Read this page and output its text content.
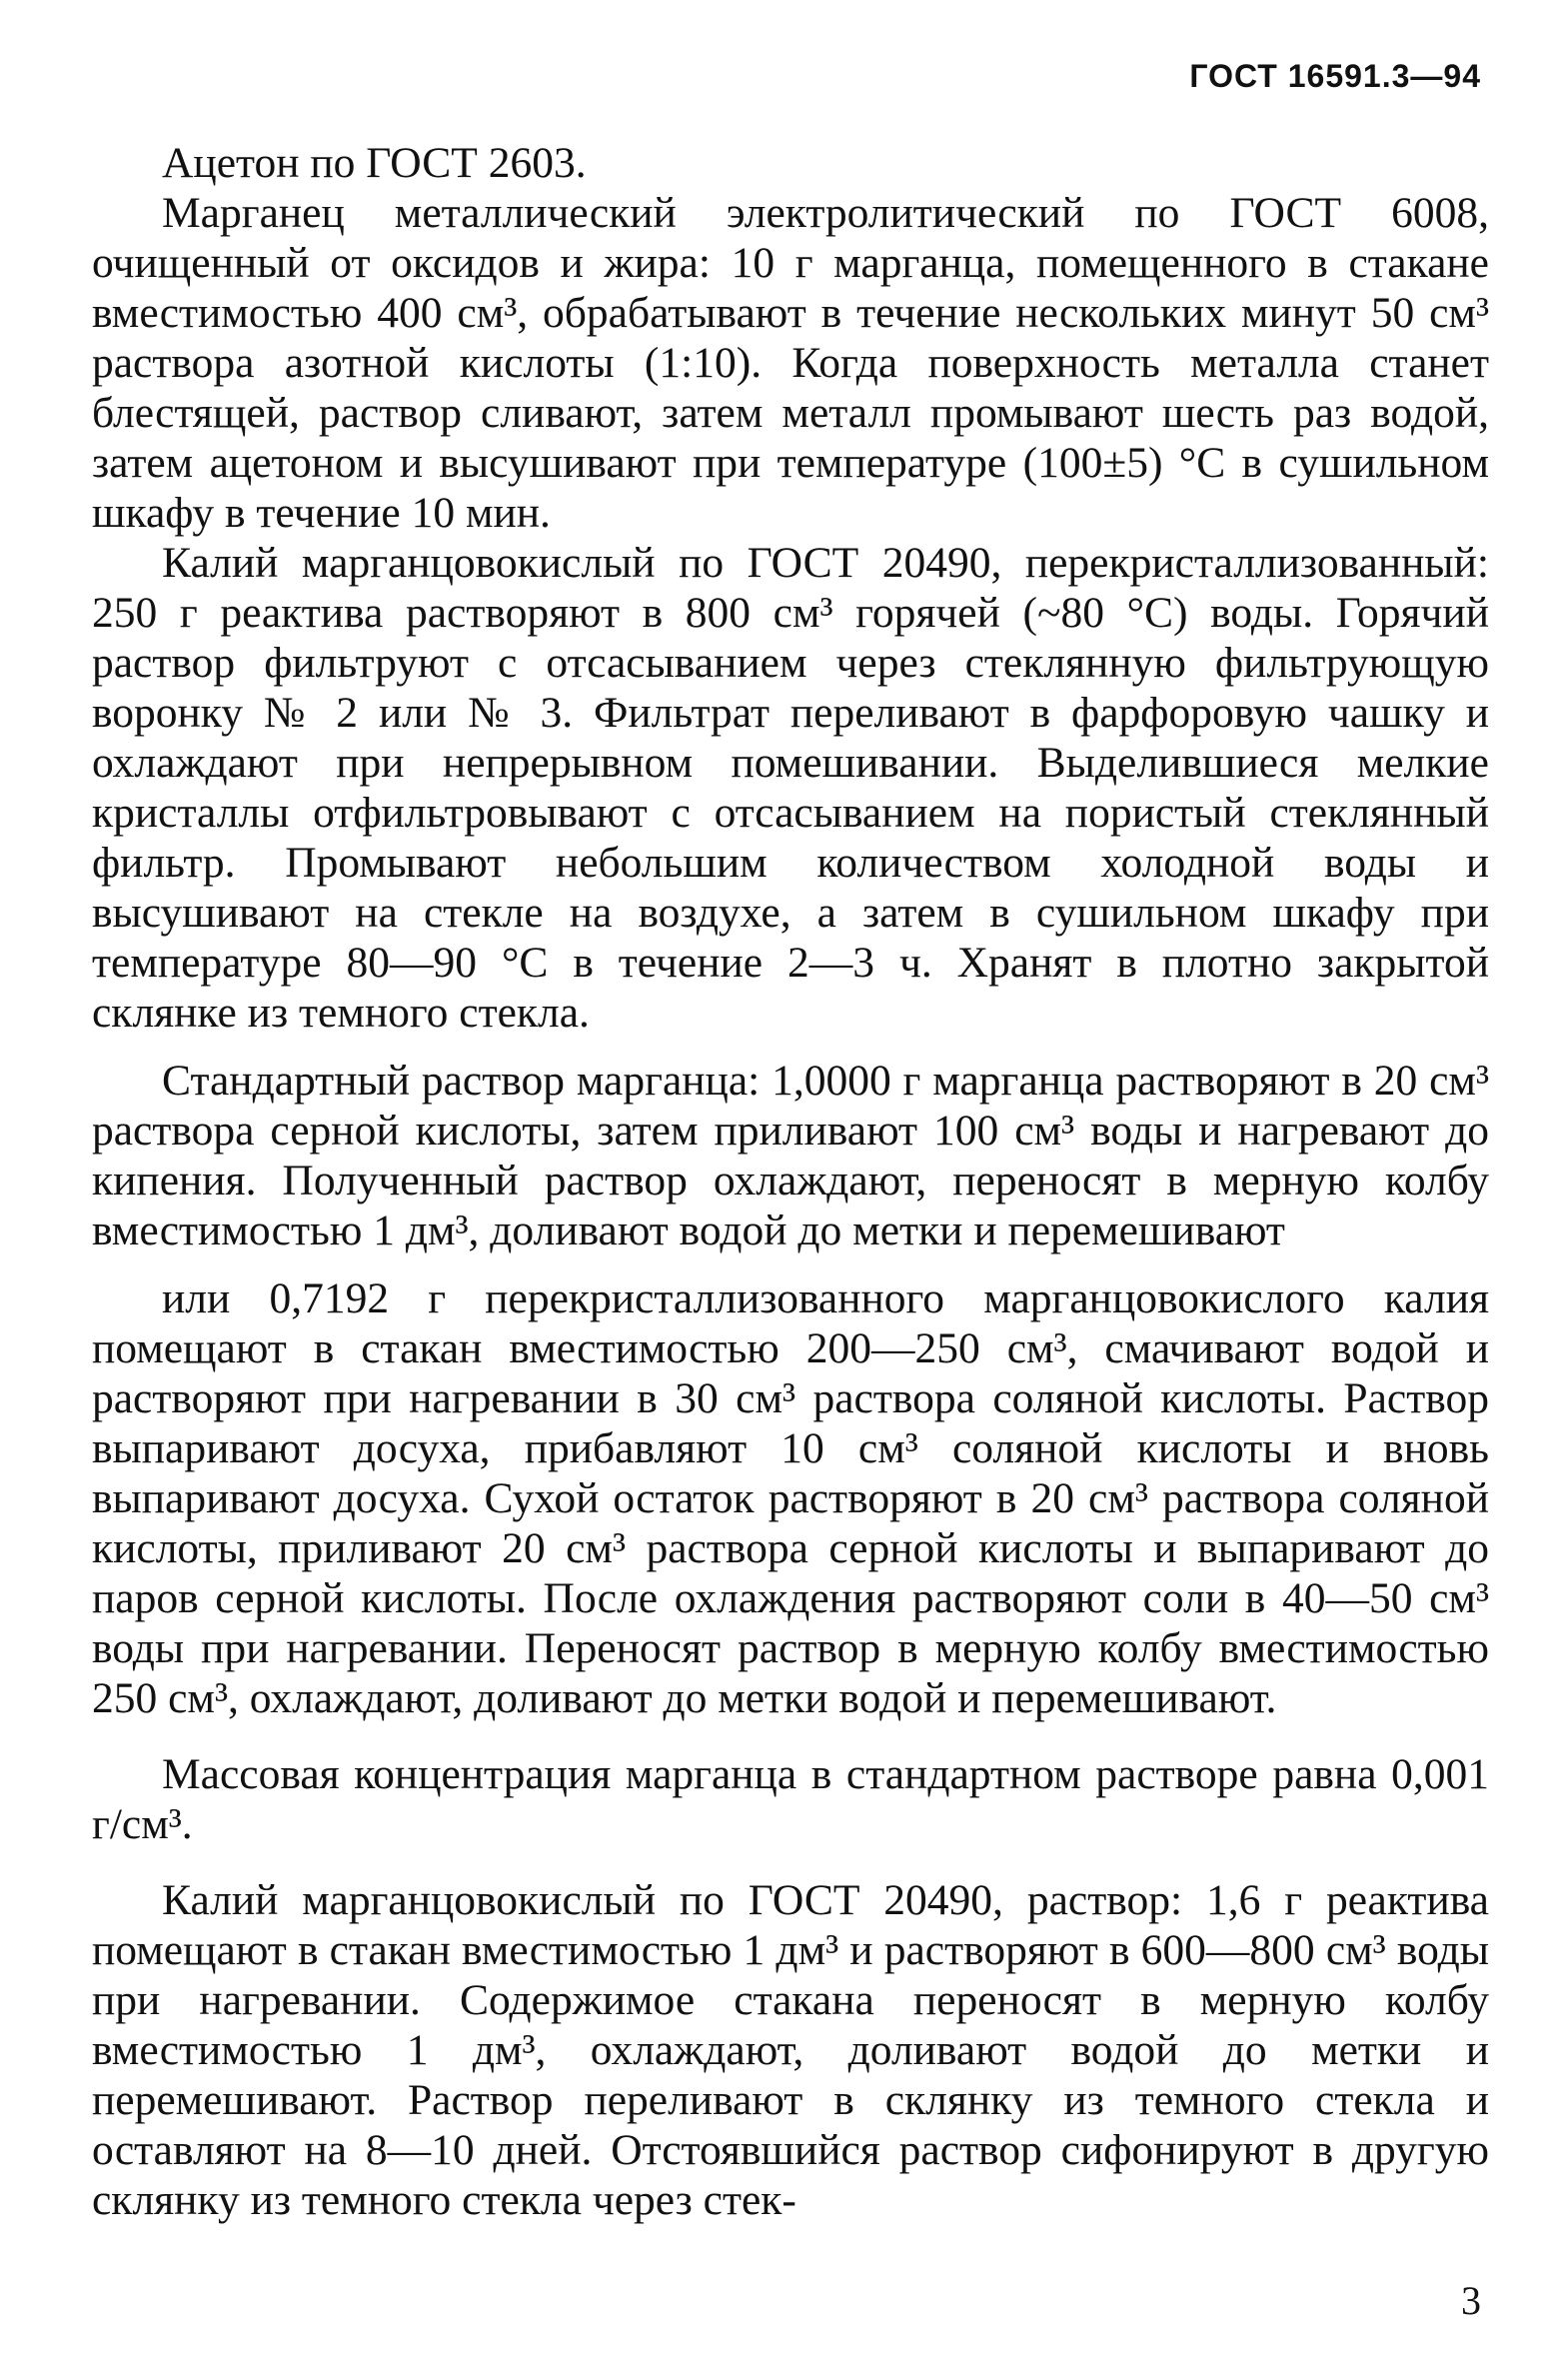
ГОСТ 16591.3—94

Ацетон по ГОСТ 2603.

Марганец металлический электролитический по ГОСТ 6008, очищенный от оксидов и жира: 10 г марганца, помещенного в стакане вместимостью 400 см³, обрабатывают в течение нескольких минут 50 см³ раствора азотной кислоты (1:10). Когда поверхность металла станет блестящей, раствор сливают, затем металл промывают шесть раз водой, затем ацетоном и высушивают при температуре (100±5) °С в сушильном шкафу в течение 10 мин.

Калий марганцовокислый по ГОСТ 20490, перекристаллизованный: 250 г реактива растворяют в 800 см³ горячей (~80 °С) воды. Горячий раствор фильтруют с отсасыванием через стеклянную фильтрующую воронку № 2 или № 3. Фильтрат переливают в фарфоровую чашку и охлаждают при непрерывном помешивании. Выделившиеся мелкие кристаллы отфильтровывают с отсасыванием на пористый стеклянный фильтр. Промывают небольшим количеством холодной воды и высушивают на стекле на воздухе, а затем в сушильном шкафу при температуре 80—90 °С в течение 2—3 ч. Хранят в плотно закрытой склянке из темного стекла.

Стандартный раствор марганца: 1,0000 г марганца растворяют в 20 см³ раствора серной кислоты, затем приливают 100 см³ воды и нагревают до кипения. Полученный раствор охлаждают, переносят в мерную колбу вместимостью 1 дм³, доливают водой до метки и перемешивают

или 0,7192 г перекристаллизованного марганцовокислого калия помещают в стакан вместимостью 200—250 см³, смачивают водой и растворяют при нагревании в 30 см³ раствора соляной кислоты. Раствор выпаривают досуха, прибавляют 10 см³ соляной кислоты и вновь выпаривают досуха. Сухой остаток растворяют в 20 см³ раствора соляной кислоты, приливают 20 см³ раствора серной кислоты и выпаривают до паров серной кислоты. После охлаждения растворяют соли в 40—50 см³ воды при нагревании. Переносят раствор в мерную колбу вместимостью 250 см³, охлаждают, доливают до метки водой и перемешивают.

Массовая концентрация марганца в стандартном растворе равна 0,001 г/см³.

Калий марганцовокислый по ГОСТ 20490, раствор: 1,6 г реактива помещают в стакан вместимостью 1 дм³ и растворяют в 600—800 см³ воды при нагревании. Содержимое стакана переносят в мерную колбу вместимостью 1 дм³, охлаждают, доливают водой до метки и перемешивают. Раствор переливают в склянку из темного стекла и оставляют на 8—10 дней. Отстоявшийся раствор сифонируют в другую склянку из темного стекла через стек-

3
